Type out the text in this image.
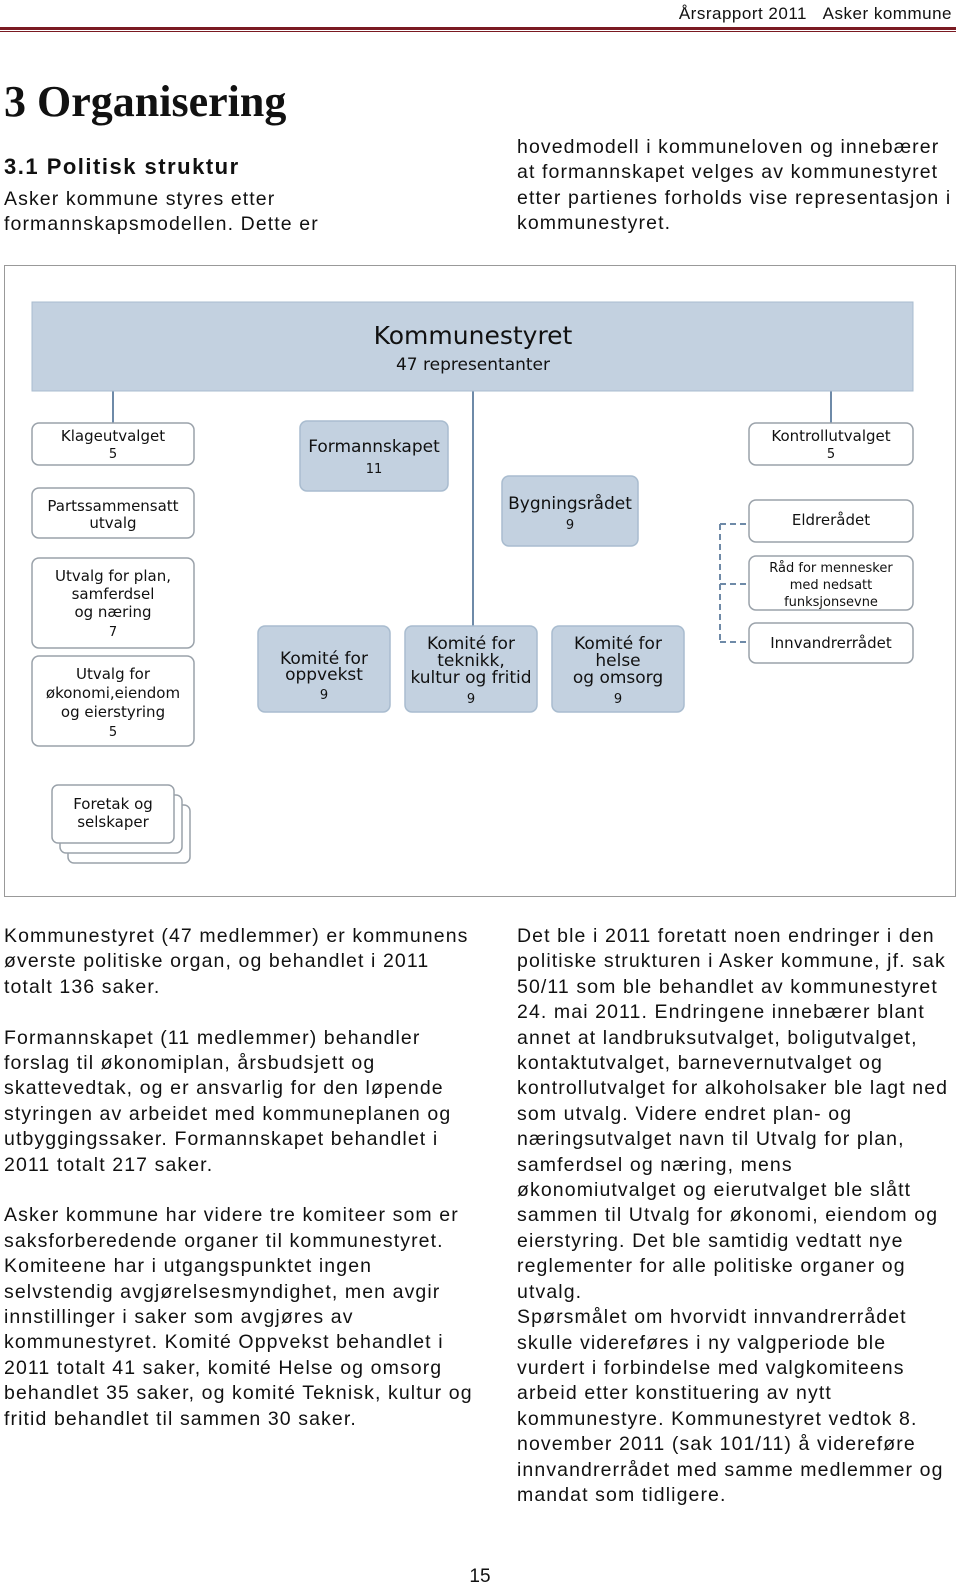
Årsrapport 2011 Asker kommune
3 Organisering
3.1 Politisk struktur
Asker kommune styres etter formannskapsmodellen. Dette er
hovedmodell i kommuneloven og innebærer at formannskapet velges av kommunestyret etter partienes forholds vise representasjon i kommunestyret.
Kommunestyret
47 representanter
Klageutvalget
5	Formannskapet
11
Kontrollutvalget
5
Partssammensatt
utvalg
Bygningsrådet
9	Eldrerådet
Utvalg for plan,
samferdsel
og næring
7
Råd for mennesker
med nedsatt
funksjonsevne
Komité for
oppvekst
9
Komité for
teknikk,
kultur og fritid
9
Komité for
helse
og omsorg
9
Innvandrerrådet
Utvalg for
økonomi,eiendom
og eierstyring
5
Foretak og
selskaper

Kommunestyret (47 medlemmer) er kommunens øverste politiske organ, og behandlet i 2011 totalt 136 saker.

Formannskapet (11 medlemmer) behandler forslag til økonomiplan, årsbudsjett og skattevedtak, og er ansvarlig for den løpende styringen av arbeidet med kommuneplanen og utbyggingssaker. Formannskapet behandlet i 2011 totalt 217 saker.

Asker kommune har videre tre komiteer som er saksforberedende organer til kommunestyret. Komiteene har i utgangspunktet ingen selvstendig avgjørelsesmyndighet, men avgir innstillinger i saker som avgjøres av kommunestyret. Komité Oppvekst behandlet i 2011 totalt 41 saker, komité Helse og omsorg behandlet 35 saker, og komité Teknisk, kultur og fritid behandlet til sammen 30 saker.

Det ble i 2011 foretatt noen endringer i den politiske strukturen i Asker kommune, jf. sak 50/11 som ble behandlet av kommunestyret 24. mai 2011. Endringene innebærer blant annet at landbruksutvalget, boligutvalget, kontaktutvalget, barnevernutvalget og kontrollutvalget for alkoholsaker ble lagt ned som utvalg. Videre endret plan- og næringsutvalget navn til Utvalg for plan, samferdsel og næring, mens økonomiutvalget og eierutvalget ble slått sammen til Utvalg for økonomi, eiendom og eierstyring. Det ble samtidig vedtatt nye reglementer for alle politiske organer og utvalg.

Spørsmålet om hvorvidt innvandrerrådet skulle videreføres i ny valgperiode ble vurdert i forbindelse med valgkomiteens arbeid etter konstituering av nytt kommunestyre. Kommunestyret vedtok 8. november 2011 (sak 101/11) å videreføre innvandrerrådet med samme medlemmer og mandat som tidligere.

15
